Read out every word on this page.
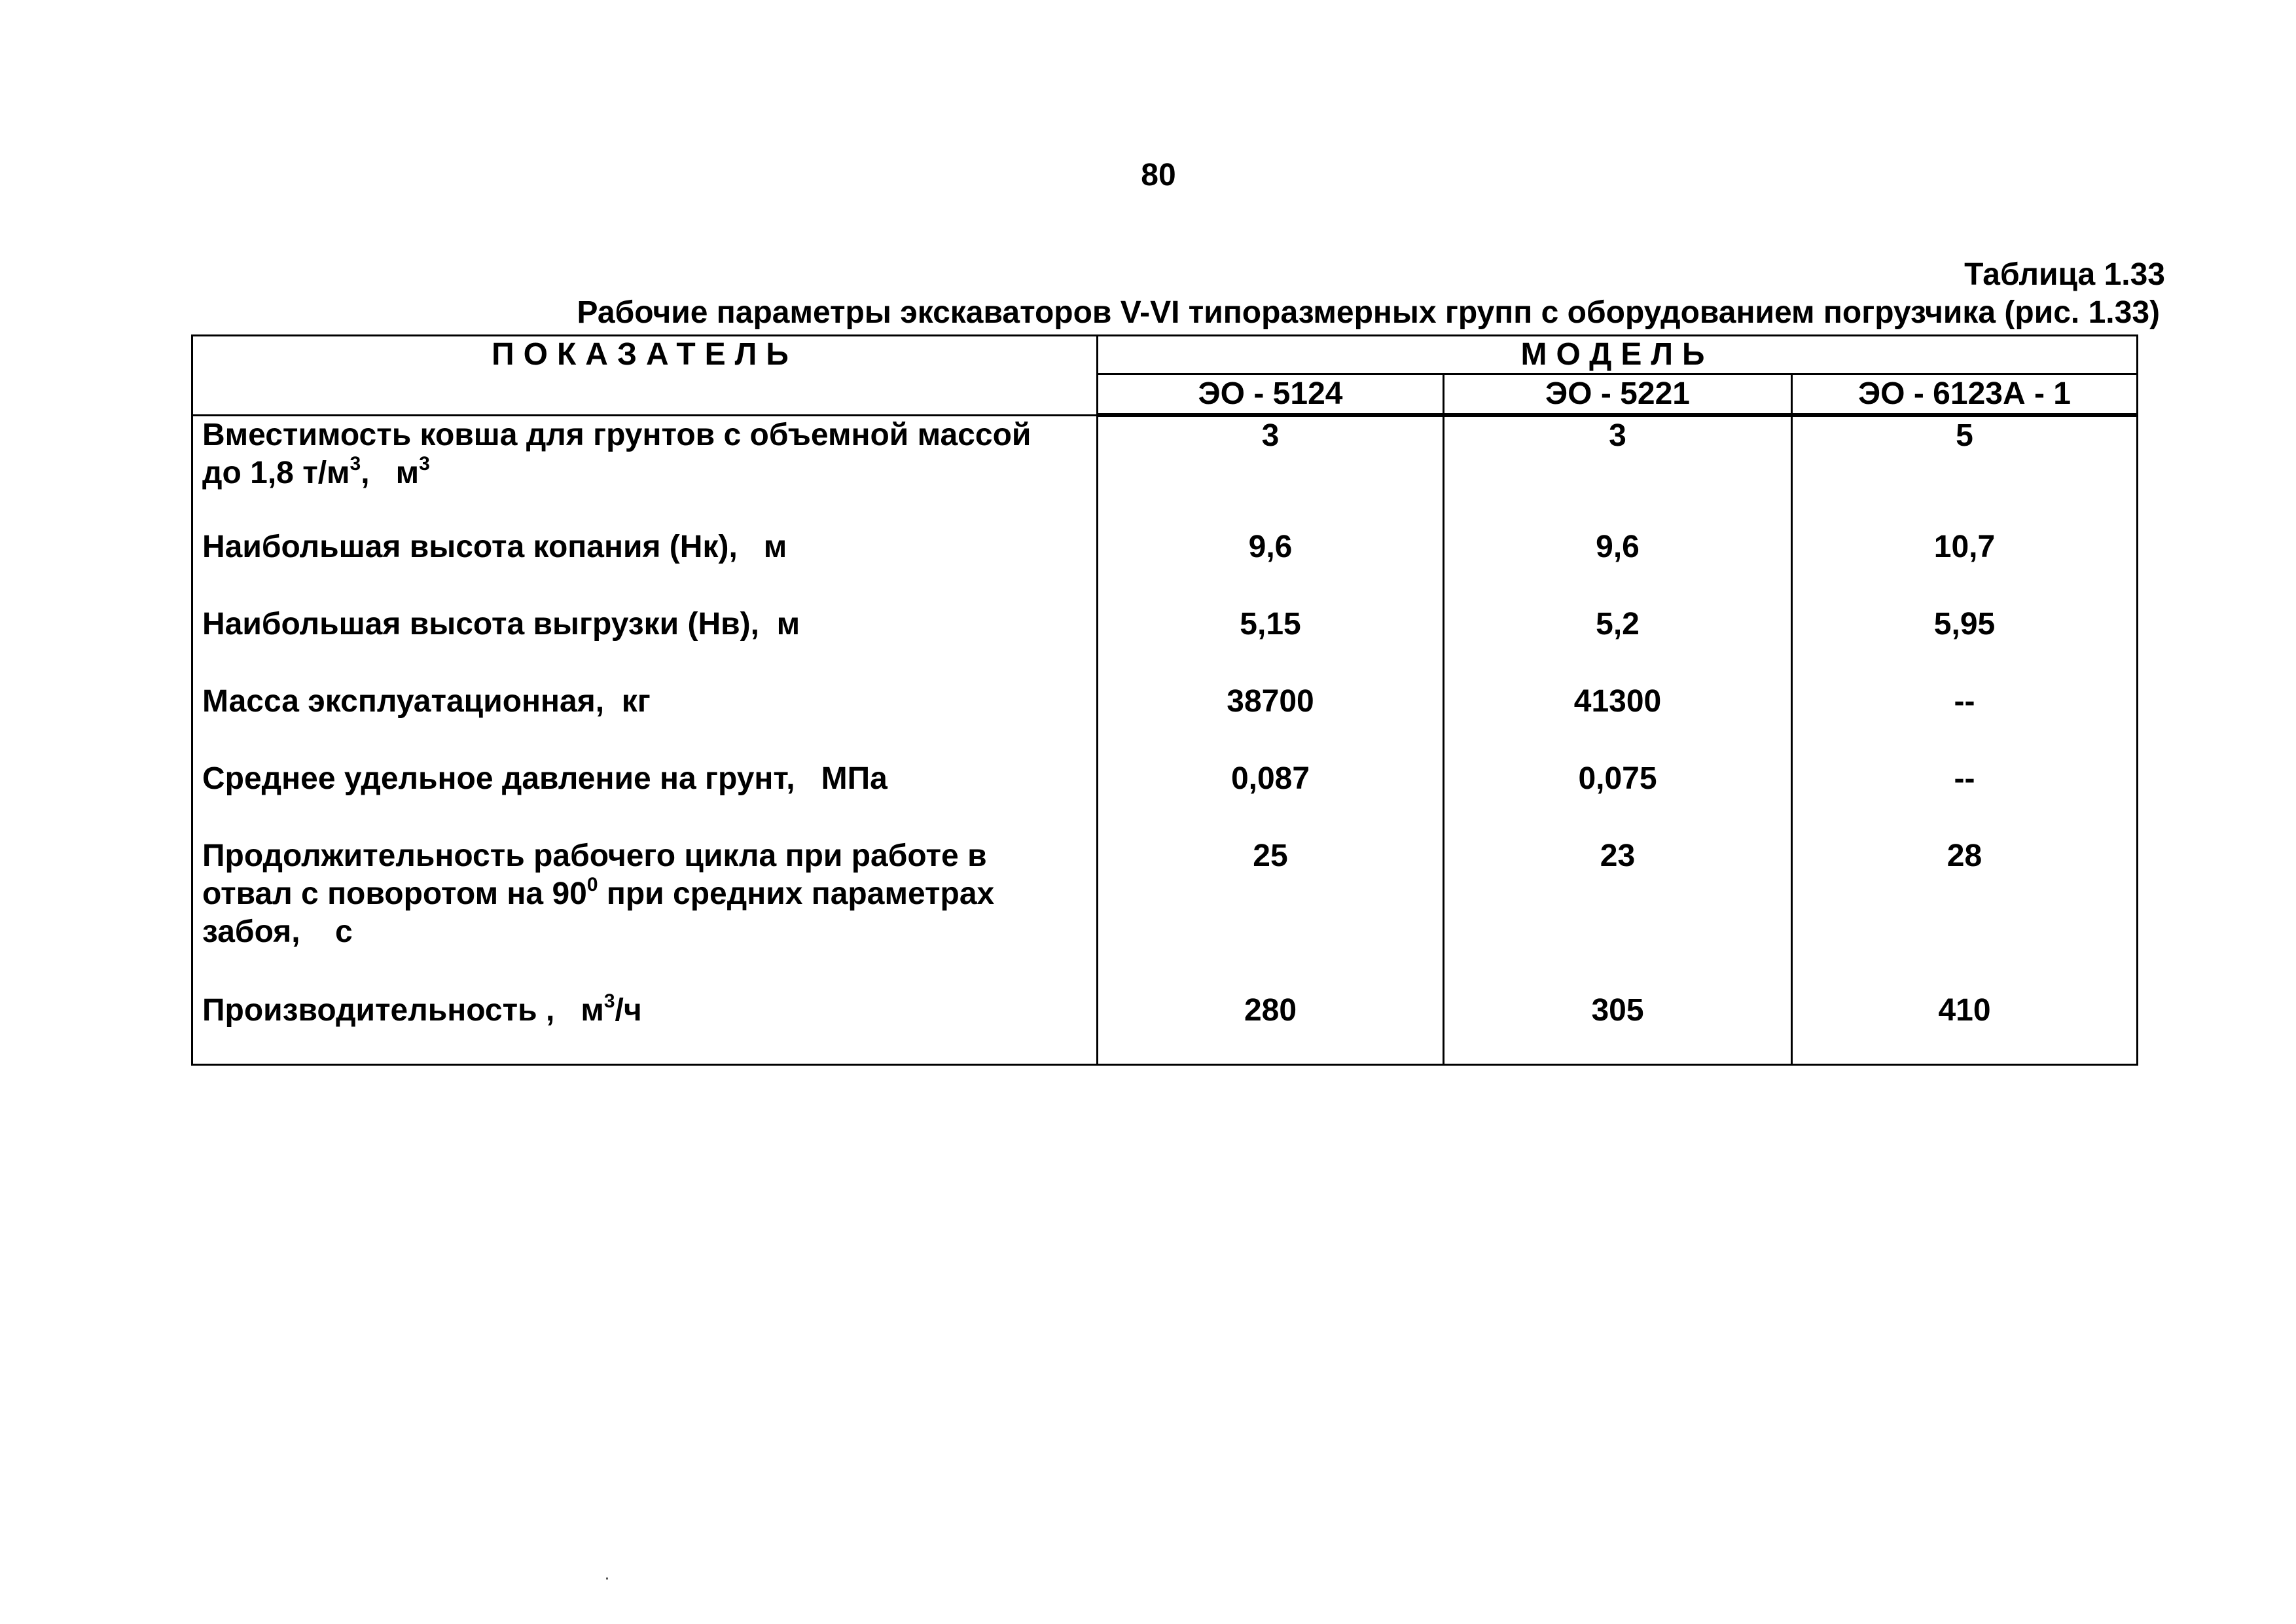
80
Таблица 1.33
Рабочие параметры экскаваторов V-VI типоразмерных групп с оборудованием погрузчика (рис. 1.33)
ПОКАЗАТЕЛЬ	МОДЕЛЬ		
	ЭО - 5124	ЭО - 5221	ЭО - 6123А - 1
Вместимость ковша для грунтов с объемной массой
до 1,8 $т/м^3$,   $м^3$	3	3	5
Наибольшая высота копания (Нк),   м	9,6	9,6	10,7
Наибольшая высота выгрузки (Нв),  м	5,15	5,2	5,95
Масса эксплуатационная,  кг	38700	41300	--
Среднее удельное давление на грунт,   МПа	0,087	0,075	--
Продолжительность рабочего цикла при работе в
отвал с поворотом на $90^0$ при средних параметрах
забоя,    с	25	23	28
Производительность ,   $м^3/ч$	280	305	410
